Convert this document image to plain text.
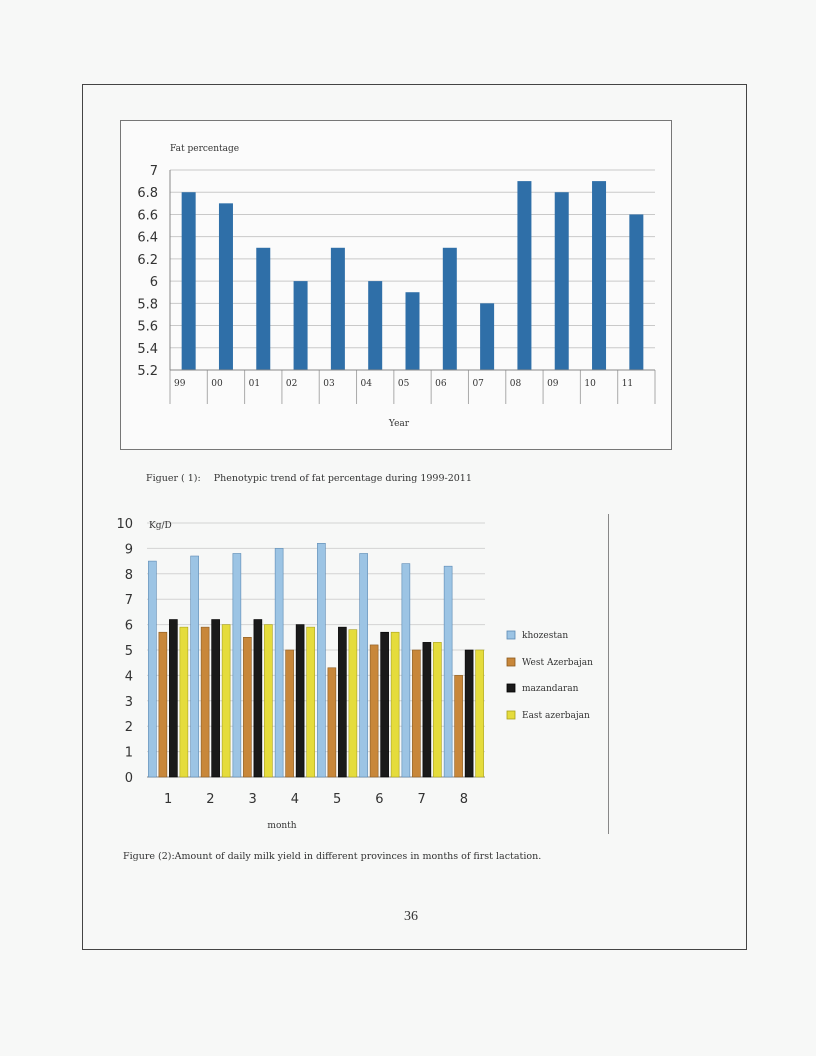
5.2
5.4
5.6
5.8
6
6.2
6.4
6.6
6.8
7
99	00	01	02	03	04	05	06	07	08	09	10	11
Fat percentage
Year
Figuer ( 1): Phenotypic trend of fat percentage during 1999-2011
0
1
2
3
4
5
6
7
8
9
10
1	2	3	4	5	6	7	8
Kg/D
month
khozestan
West Azerbajan
mazandaran
East azerbajan
Figure (2):Amount of daily milk yield in different provinces in months of first lactation.
36
